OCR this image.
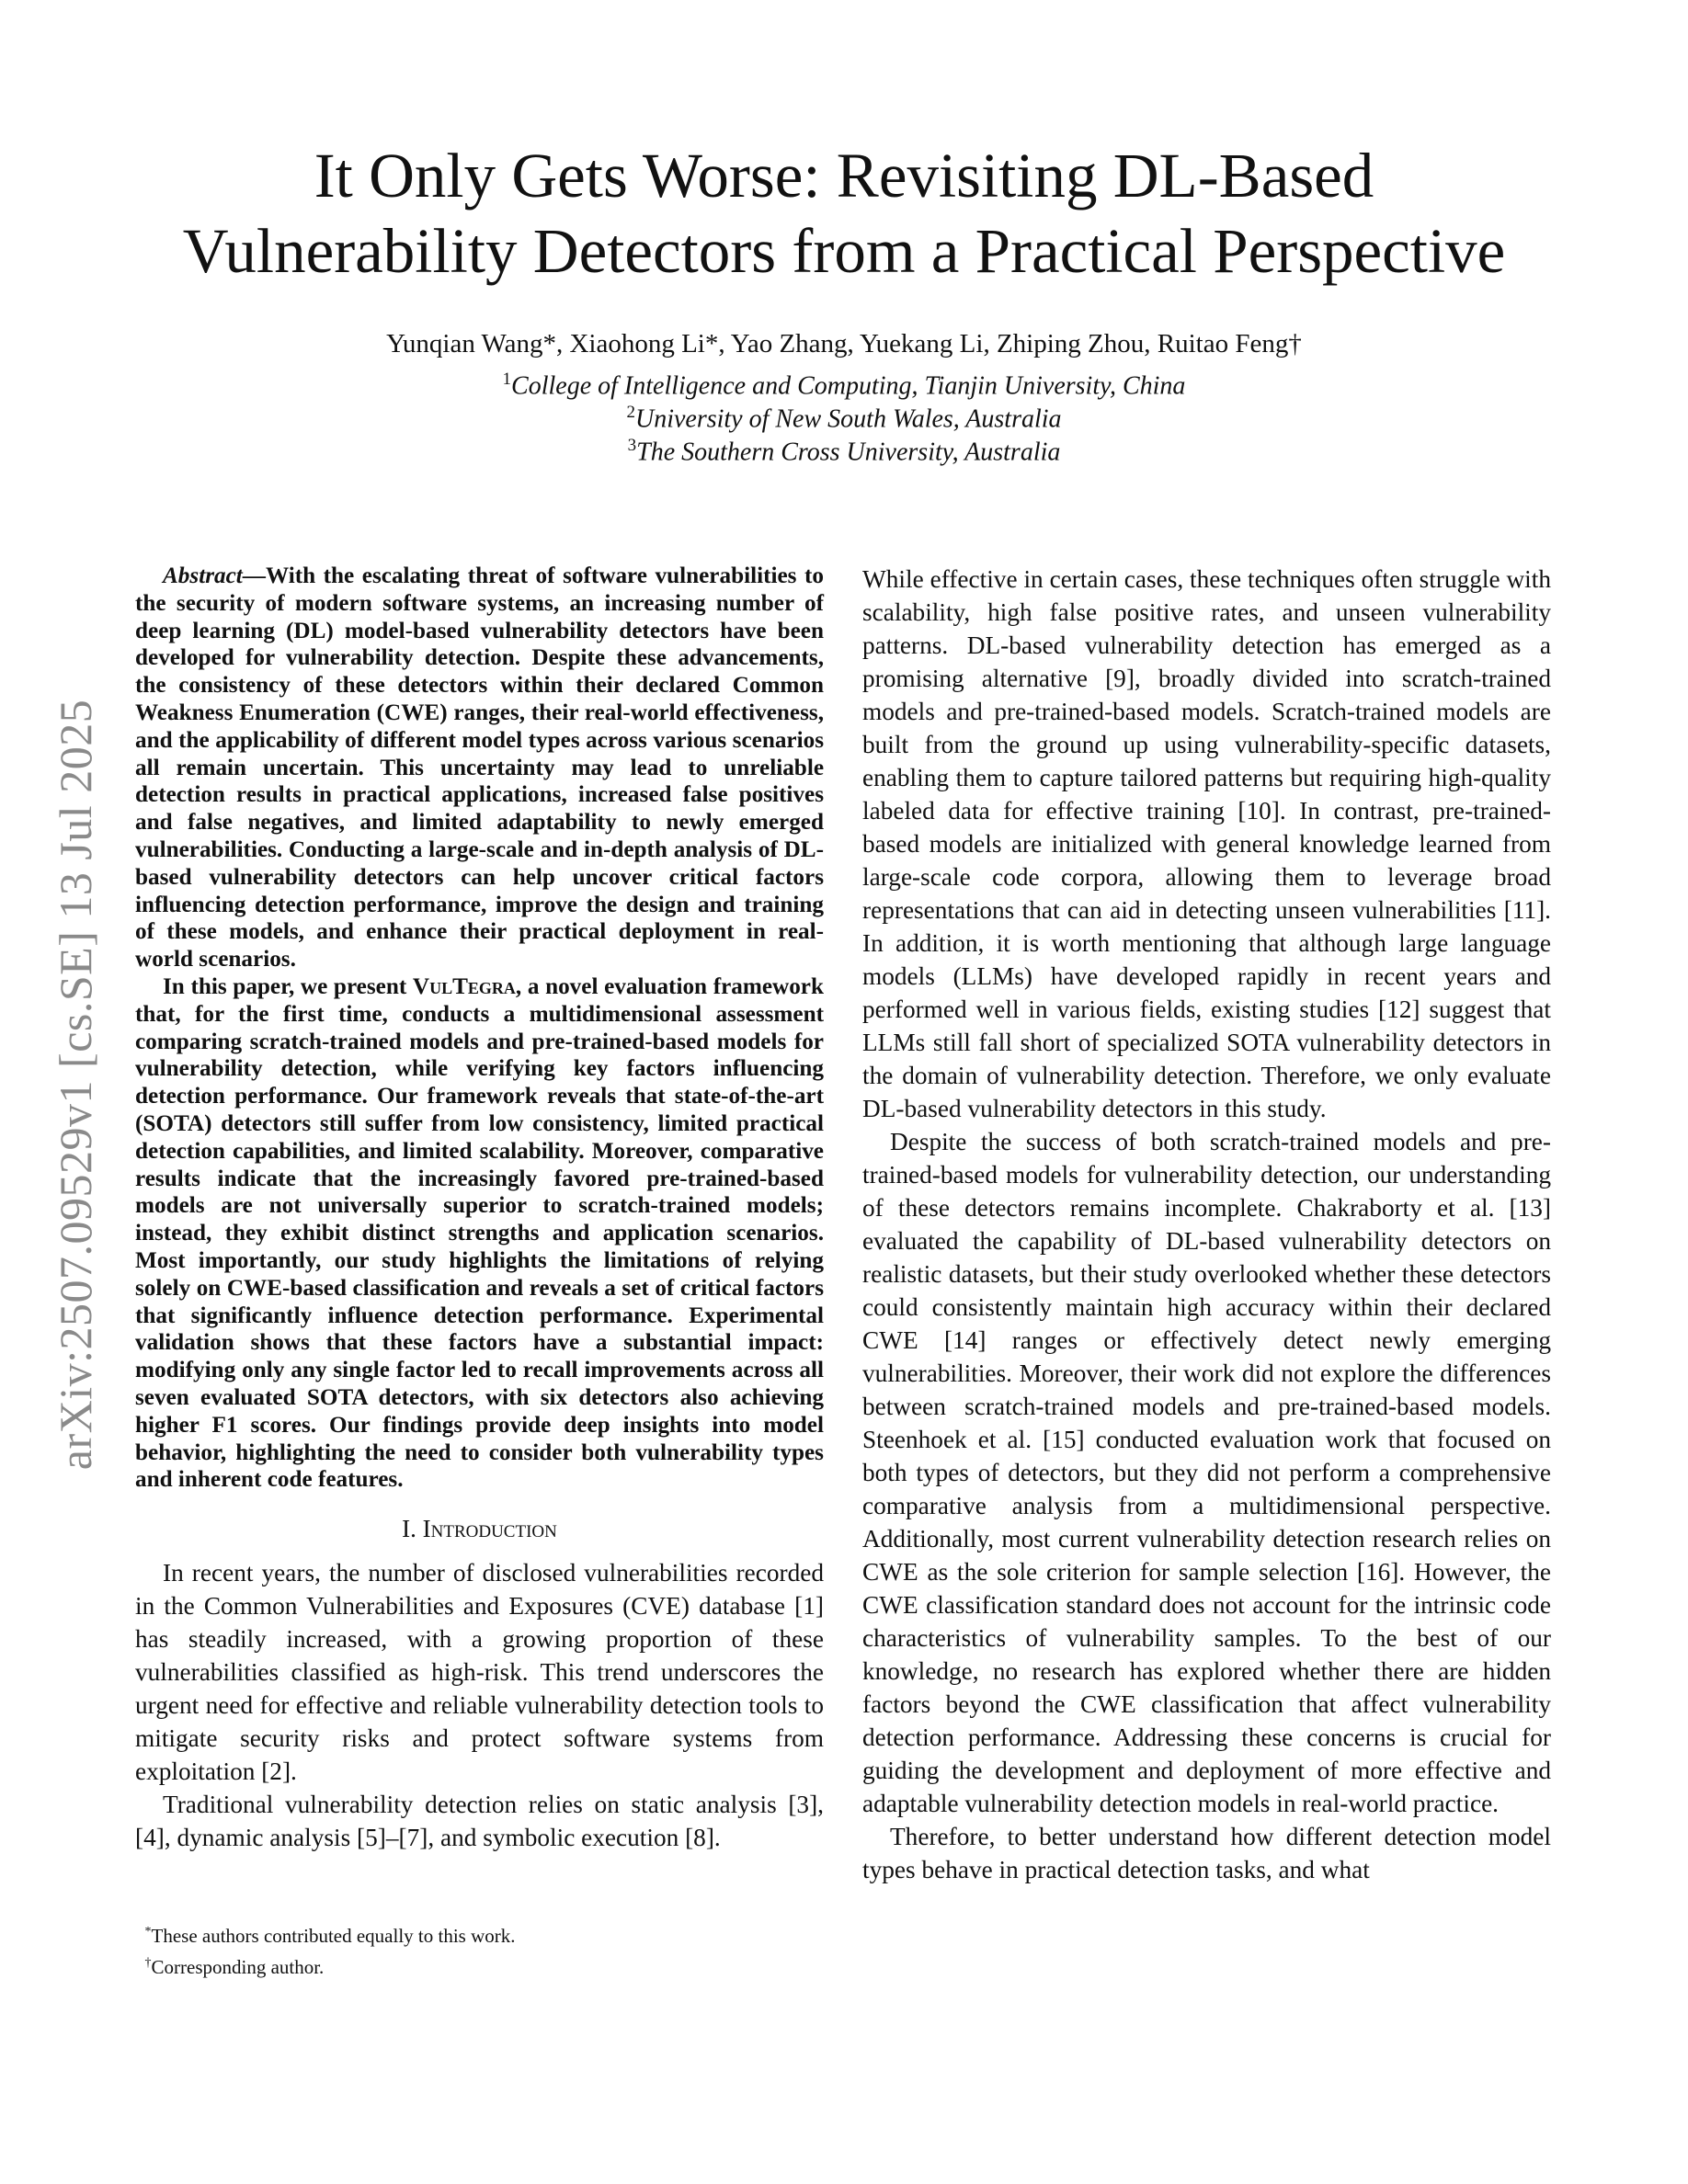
arXiv:2507.09529v1 [cs.SE] 13 Jul 2025
It Only Gets Worse: Revisiting DL-Based
Vulnerability Detectors from a Practical Perspective
Yunqian Wang*, Xiaohong Li*, Yao Zhang, Yuekang Li, Zhiping Zhou, Ruitao Feng†
$^1$College of Intelligence and Computing, Tianjin University, China
$^2$University of New South Wales, Australia
$^3$The Southern Cross University, Australia

Abstract—With the escalating threat of software vulnerabilities to the security of modern software systems, an increasing number of deep learning (DL) model-based vulnerability detectors have been developed for vulnerability detection. Despite these advancements, the consistency of these detectors within their declared Common Weakness Enumeration (CWE) ranges, their real-world effectiveness, and the applicability of different model types across various scenarios all remain uncertain. This uncertainty may lead to unreliable detection results in practical applications, increased false positives and false negatives, and limited adaptability to newly emerged vulnerabilities. Conducting a large-scale and in-depth analysis of DL-based vulnerability detectors can help uncover critical factors influencing detection performance, improve the design and training of these models, and enhance their practical deployment in real-world scenarios.

In this paper, we present VulTegra, a novel evaluation framework that, for the first time, conducts a multidimensional assessment comparing scratch-trained models and pre-trained-based models for vulnerability detection, while verifying key factors influencing detection performance. Our framework reveals that state-of-the-art (SOTA) detectors still suffer from low consistency, limited practical detection capabilities, and limited scalability. Moreover, comparative results indicate that the increasingly favored pre-trained-based models are not universally superior to scratch-trained models; instead, they exhibit distinct strengths and application scenarios. Most importantly, our study highlights the limitations of relying solely on CWE-based classification and reveals a set of critical factors that significantly influence detection performance. Experimental validation shows that these factors have a substantial impact: modifying only any single factor led to recall improvements across all seven evaluated SOTA detectors, with six detectors also achieving higher F1 scores. Our findings provide deep insights into model behavior, highlighting the need to consider both vulnerability types and inherent code features.

I. Introduction

In recent years, the number of disclosed vulnerabilities recorded in the Common Vulnerabilities and Exposures (CVE) database [1] has steadily increased, with a growing proportion of these vulnerabilities classified as high-risk. This trend underscores the urgent need for effective and reliable vulnerability detection tools to mitigate security risks and protect software systems from exploitation [2].

Traditional vulnerability detection relies on static analysis [3], [4], dynamic analysis [5]–[7], and symbolic execution [8].

*These authors contributed equally to this work.
†Corresponding author.

While effective in certain cases, these techniques often struggle with scalability, high false positive rates, and unseen vulnerability patterns. DL-based vulnerability detection has emerged as a promising alternative [9], broadly divided into scratch-trained models and pre-trained-based models. Scratch-trained models are built from the ground up using vulnerability-specific datasets, enabling them to capture tailored patterns but requiring high-quality labeled data for effective training [10]. In contrast, pre-trained-based models are initialized with general knowledge learned from large-scale code corpora, allowing them to leverage broad representations that can aid in detecting unseen vulnerabilities [11]. In addition, it is worth mentioning that although large language models (LLMs) have developed rapidly in recent years and performed well in various fields, existing studies [12] suggest that LLMs still fall short of specialized SOTA vulnerability detectors in the domain of vulnerability detection. Therefore, we only evaluate DL-based vulnerability detectors in this study.

Despite the success of both scratch-trained models and pre-trained-based models for vulnerability detection, our understanding of these detectors remains incomplete. Chakraborty et al. [13] evaluated the capability of DL-based vulnerability detectors on realistic datasets, but their study overlooked whether these detectors could consistently maintain high accuracy within their declared CWE [14] ranges or effectively detect newly emerging vulnerabilities. Moreover, their work did not explore the differences between scratch-trained models and pre-trained-based models. Steenhoek et al. [15] conducted evaluation work that focused on both types of detectors, but they did not perform a comprehensive comparative analysis from a multidimensional perspective. Additionally, most current vulnerability detection research relies on CWE as the sole criterion for sample selection [16]. However, the CWE classification standard does not account for the intrinsic code characteristics of vulnerability samples. To the best of our knowledge, no research has explored whether there are hidden factors beyond the CWE classification that affect vulnerability detection performance. Addressing these concerns is crucial for guiding the development and deployment of more effective and adaptable vulnerability detection models in real-world practice.

Therefore, to better understand how different detection model types behave in practical detection tasks, and what
